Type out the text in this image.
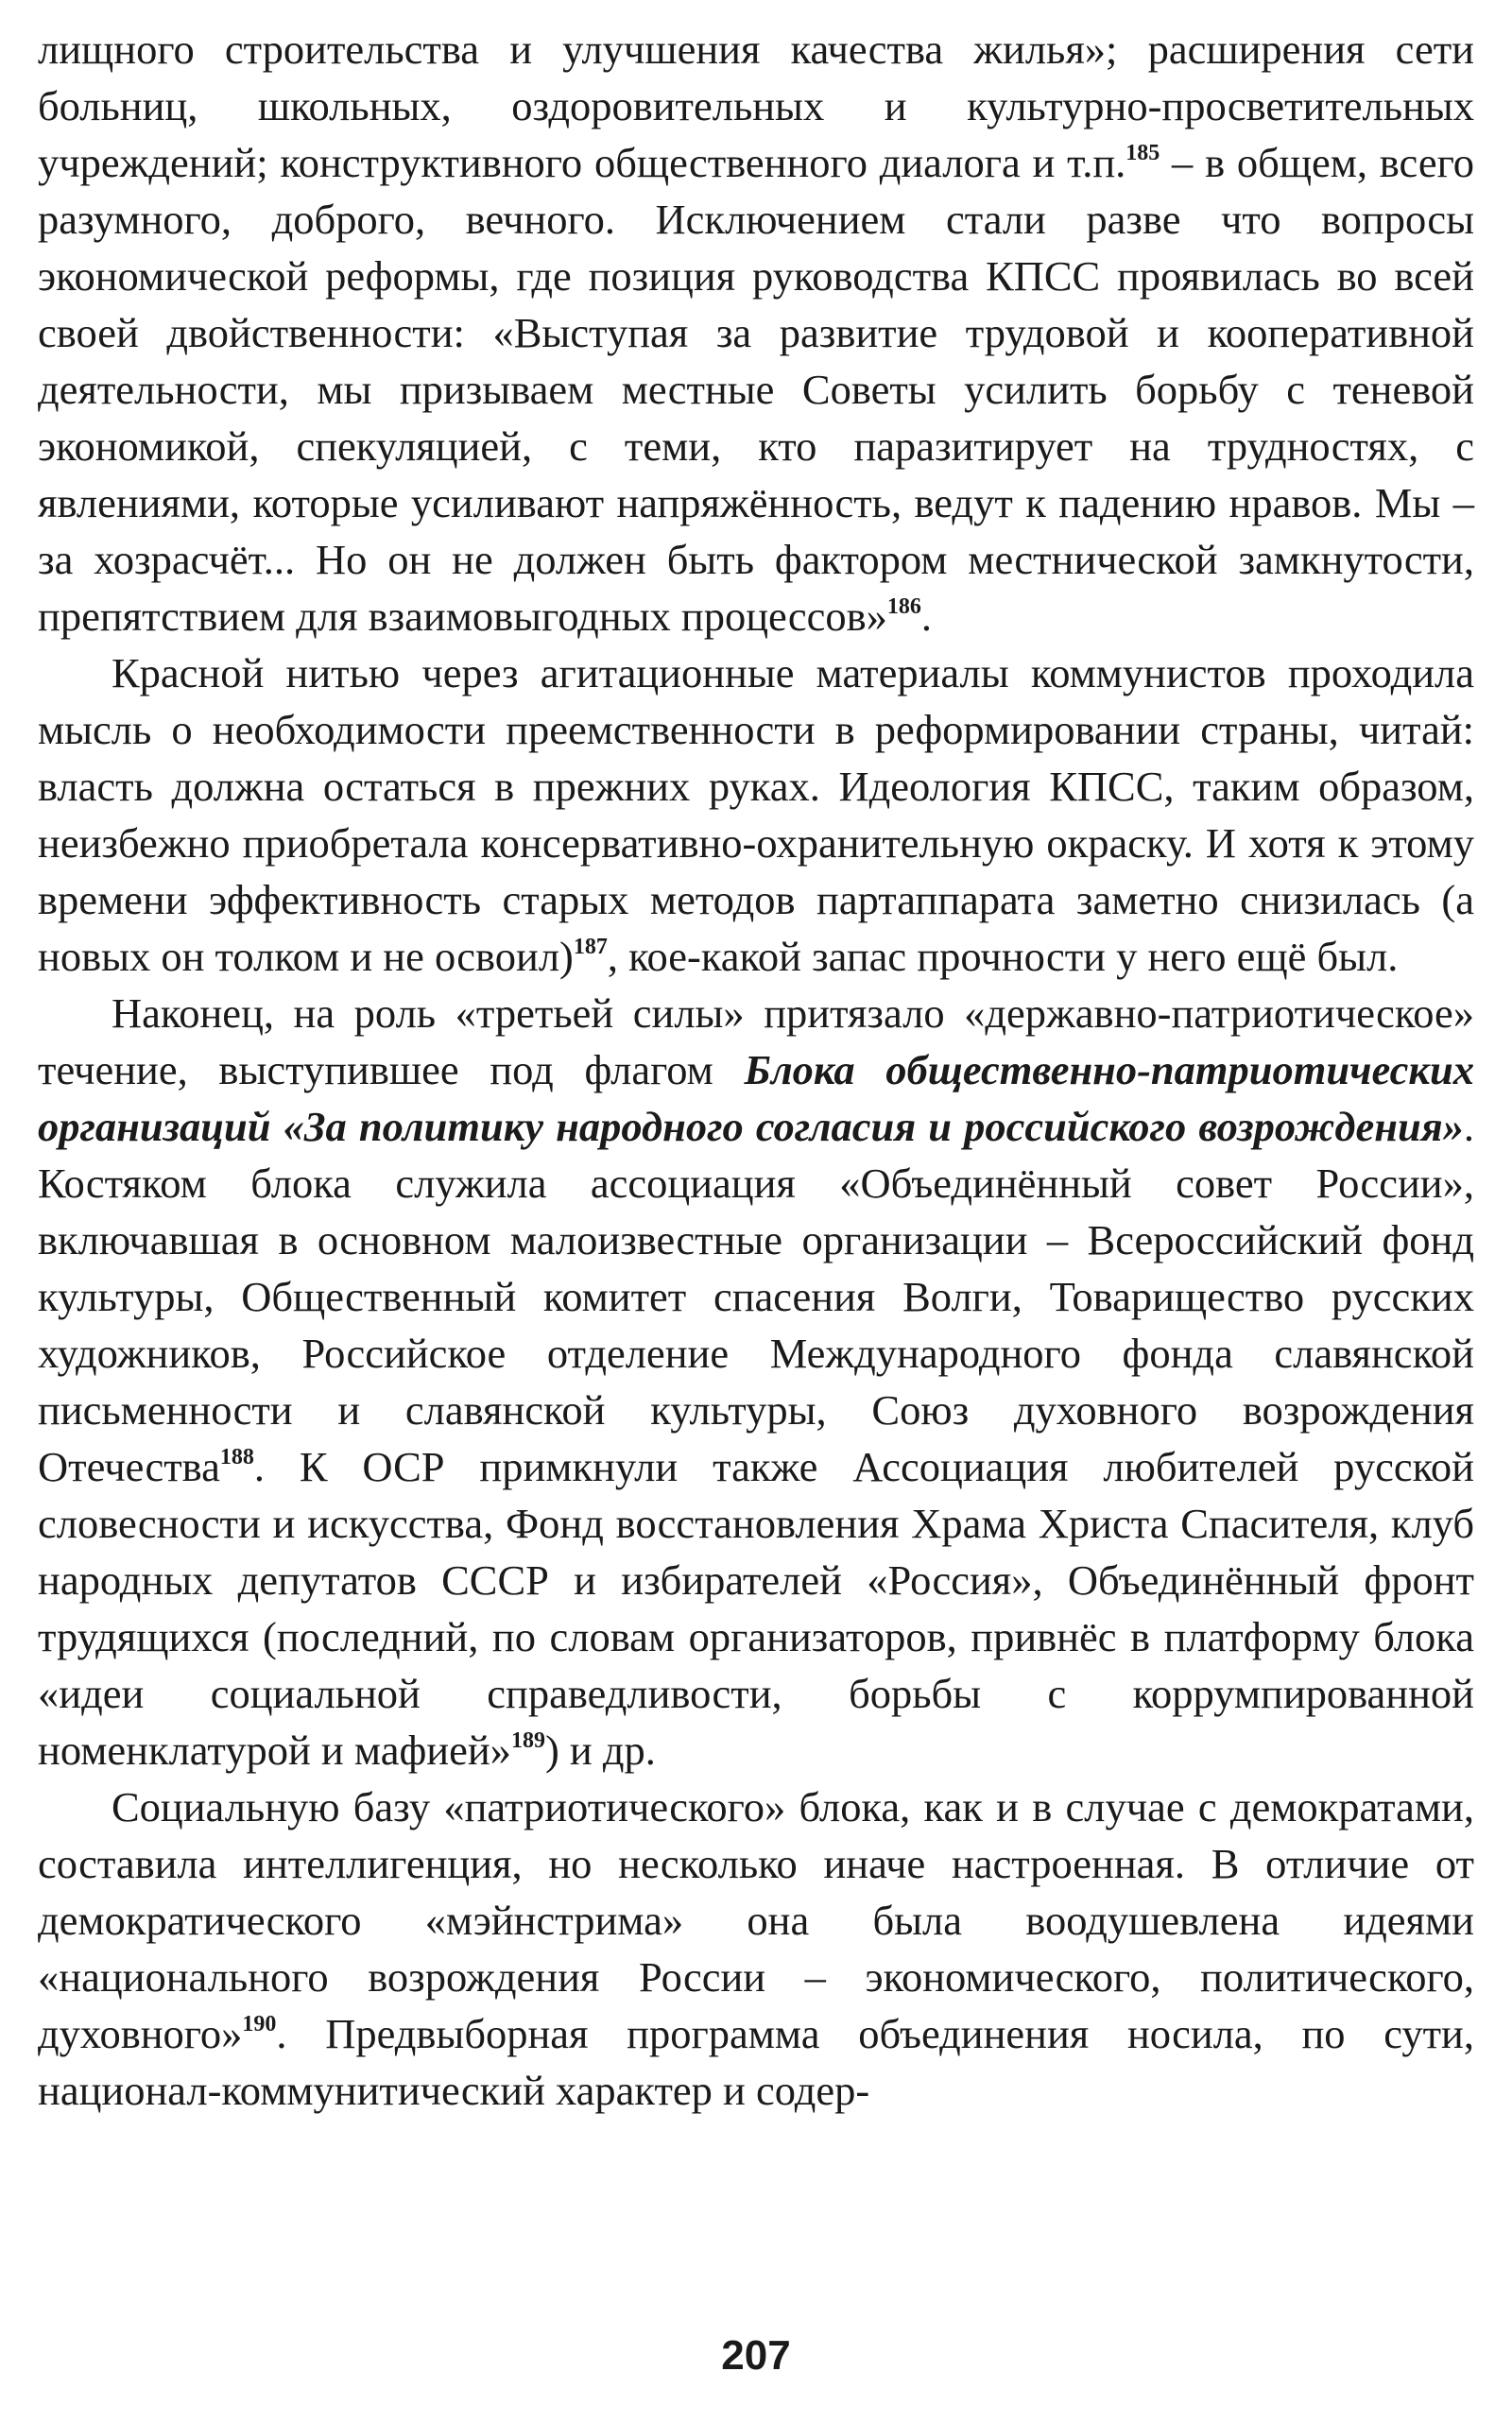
лищного строительства и улучшения качества жилья»; расширения сети больниц, школьных, оздоровительных и культурно-просветительных учреждений; конструктивного общественного диалога и т.п.$^{185}$ – в общем, всего разумного, доброго, вечного. Исключением стали разве что вопросы экономической реформы, где позиция руководства КПСС проявилась во всей своей двойственности: «Выступая за развитие трудовой и кооперативной деятельности, мы призываем местные Советы усилить борьбу с теневой экономикой, спекуляцией, с теми, кто паразитирует на трудностях, с явлениями, которые усиливают напряжённость, ведут к падению нравов. Мы – за хозрасчёт... Но он не должен быть фактором местнической замкнутости, препятствием для взаимовыгодных процессов»$^{186}$.

Красной нитью через агитационные материалы коммунистов проходила мысль о необходимости преемственности в реформировании страны, читай: власть должна остаться в прежних руках. Идеология КПСС, таким образом, неизбежно приобретала консервативно-охранительную окраску. И хотя к этому времени эффективность старых методов партаппарата заметно снизилась (а новых он толком и не освоил)$^{187}$, кое-какой запас прочности у него ещё был.

Наконец, на роль «третьей силы» притязало «державно-патриотическое» течение, выступившее под флагом Блока общественно-патриотических организаций «За политику народного согласия и российского возрождения». Костяком блока служила ассоциация «Объединённый совет России», включавшая в основном малоизвестные организации – Всероссийский фонд культуры, Общественный комитет спасения Волги, Товарищество русских художников, Российское отделение Международного фонда славянской письменности и славянской культуры, Союз духовного возрождения Отечества$^{188}$. К ОСР примкнули также Ассоциация любителей русской словесности и искусства, Фонд восстановления Храма Христа Спасителя, клуб народных депутатов СССР и избирателей «Россия», Объединённый фронт трудящихся (последний, по словам организаторов, привнёс в платформу блока «идеи социальной справедливости, борьбы с коррумпированной номенклатурой и мафией»$^{189}$) и др.

Социальную базу «патриотического» блока, как и в случае с демократами, составила интеллигенция, но несколько иначе настроенная. В отличие от демократического «мэйнстрима» она была воодушевлена идеями «национального возрождения России – экономического, политического, духовного»$^{190}$. Предвыборная программа объединения носила, по сути, национал-коммунитический характер и содер-

207
